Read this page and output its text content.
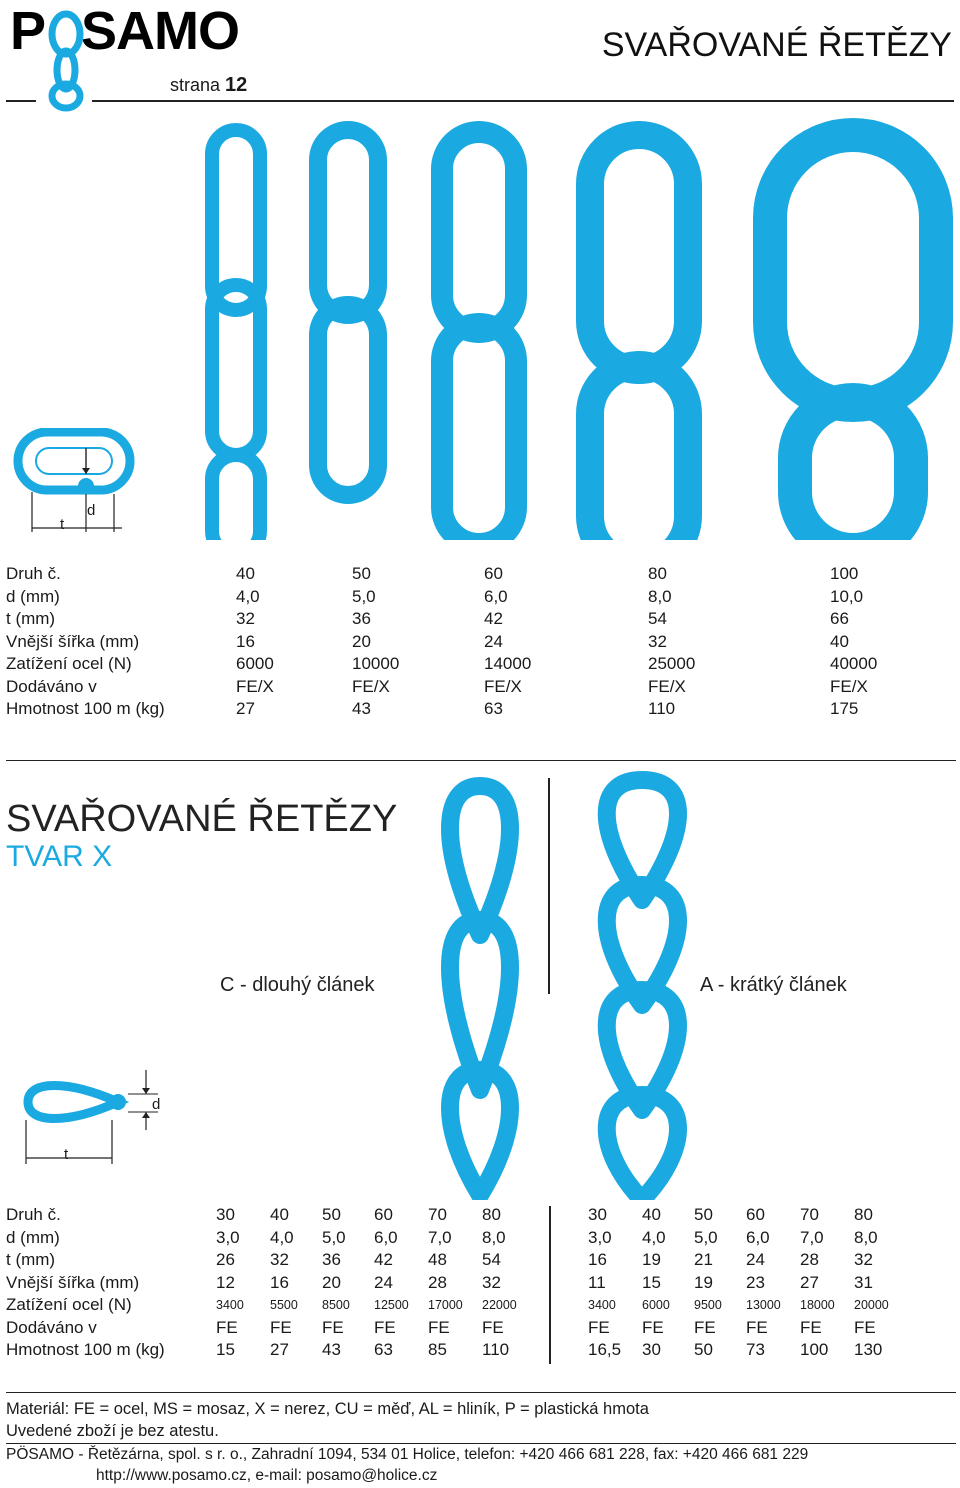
P SAMO
strana 12
SVAŘOVANÉ ŘETĚZY
t
d
Druh č.	40	50	60	80	100
d (mm)	4,0	5,0	6,0	8,0	10,0
t (mm)	32	36	42	54	66
Vnější šířka (mm)	16	20	24	32	40
Zatížení ocel (N)	6000	10000	14000	25000	40000
Dodáváno v	FE/X	FE/X	FE/X	FE/X	FE/X
Hmotnost 100 m (kg)	27	43	63	110	175
SVAŘOVANÉ ŘETĚZY
TVAR X
C - dlouhý článek	A - krátký článek
d
t
Druh č.	30 40 50 60 70 80	30 40 50 60 70 80
d (mm)	3,0 4,0 5,0 6,0 7,0 8,0	3,0 4,0 5,0 6,0 7,0 8,0
t (mm)	26 32 36 42 48 54	16 19 21 24 28 32
Vnější šířka (mm)	12 16 20 24 28 32	11 15 19 23 27 31
Zatížení ocel (N)	3400 5500 8500 12500 17000 22000	3400 6000 9500 13000 18000 20000
Dodáváno v	FE FE FE FE FE FE	FE FE FE FE FE FE
Hmotnost 100 m (kg)	15 27 43 63 85 110	16,5 30 50 73 100 130
Materiál: FE = ocel, MS = mosaz, X = nerez, CU = měď, AL = hliník, P = plastická hmota
Uvedené zboží je bez atestu.
PÖSAMO - Řetězárna, spol. s r. o., Zahradní 1094, 534 01 Holice, telefon: +420 466 681 228, fax: +420 466 681 229
http://www.posamo.cz, e-mail: posamo@holice.cz
